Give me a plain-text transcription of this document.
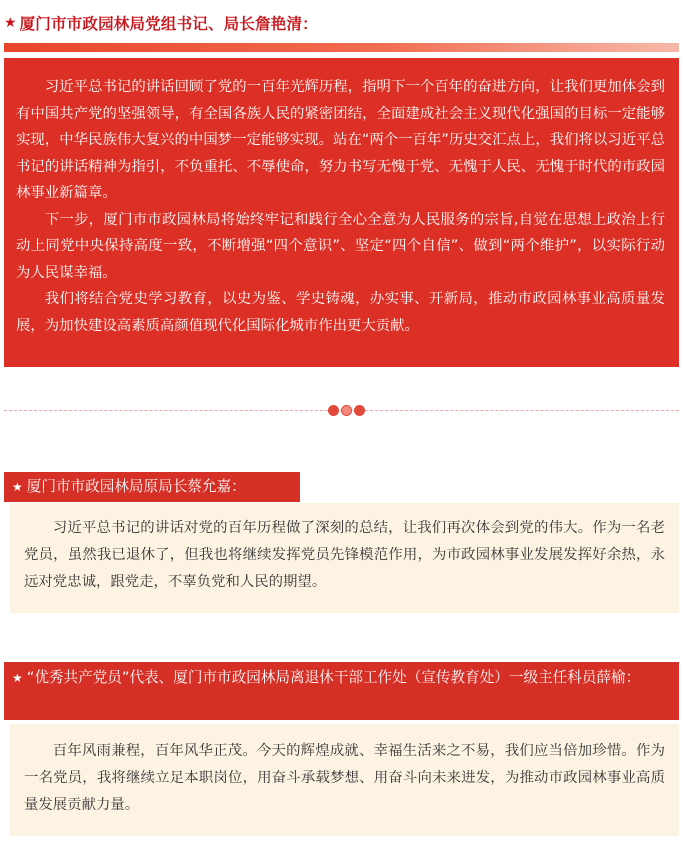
★ 厦门市市政园林局党组书记、局长詹艳清：

习近平总书记的讲话回顾了党的一百年光辉历程，指明下一个百年的奋进方向，让我们更加体会到有中国共产党的坚强领导，有全国各族人民的紧密团结，全面建成社会主义现代化强国的目标一定能够实现，中华民族伟大复兴的中国梦一定能够实现。站在“两个一百年”历史交汇点上，我们将以习近平总书记的讲话精神为指引，不负重托、不辱使命，努力书写无愧于党、无愧于人民、无愧于时代的市政园林事业新篇章。

下一步，厦门市市政园林局将始终牢记和践行全心全意为人民服务的宗旨,自觉在思想上政治上行动上同党中央保持高度一致，不断增强“四个意识”、坚定“四个自信”、做到“两个维护”，以实际行动为人民谋幸福。

我们将结合党史学习教育，以史为鉴、学史铸魂，办实事、开新局，推动市政园林事业高质量发展，为加快建设高素质高颜值现代化国际化城市作出更大贡献。

★ 厦门市市政园林局原局长蔡允嘉：

习近平总书记的讲话对党的百年历程做了深刻的总结，让我们再次体会到党的伟大。作为一名老党员，虽然我已退休了，但我也将继续发挥党员先锋模范作用，为市政园林事业发展发挥好余热，永远对党忠诚，跟党走，不辜负党和人民的期望。

★ “优秀共产党员”代表、厦门市市政园林局离退休干部工作处（宣传教育处）一级主任科员薛榆：

百年风雨兼程，百年风华正茂。今天的辉煌成就、幸福生活来之不易，我们应当倍加珍惜。作为一名党员，我将继续立足本职岗位，用奋斗承载梦想、用奋斗向未来进发，为推动市政园林事业高质量发展贡献力量。
